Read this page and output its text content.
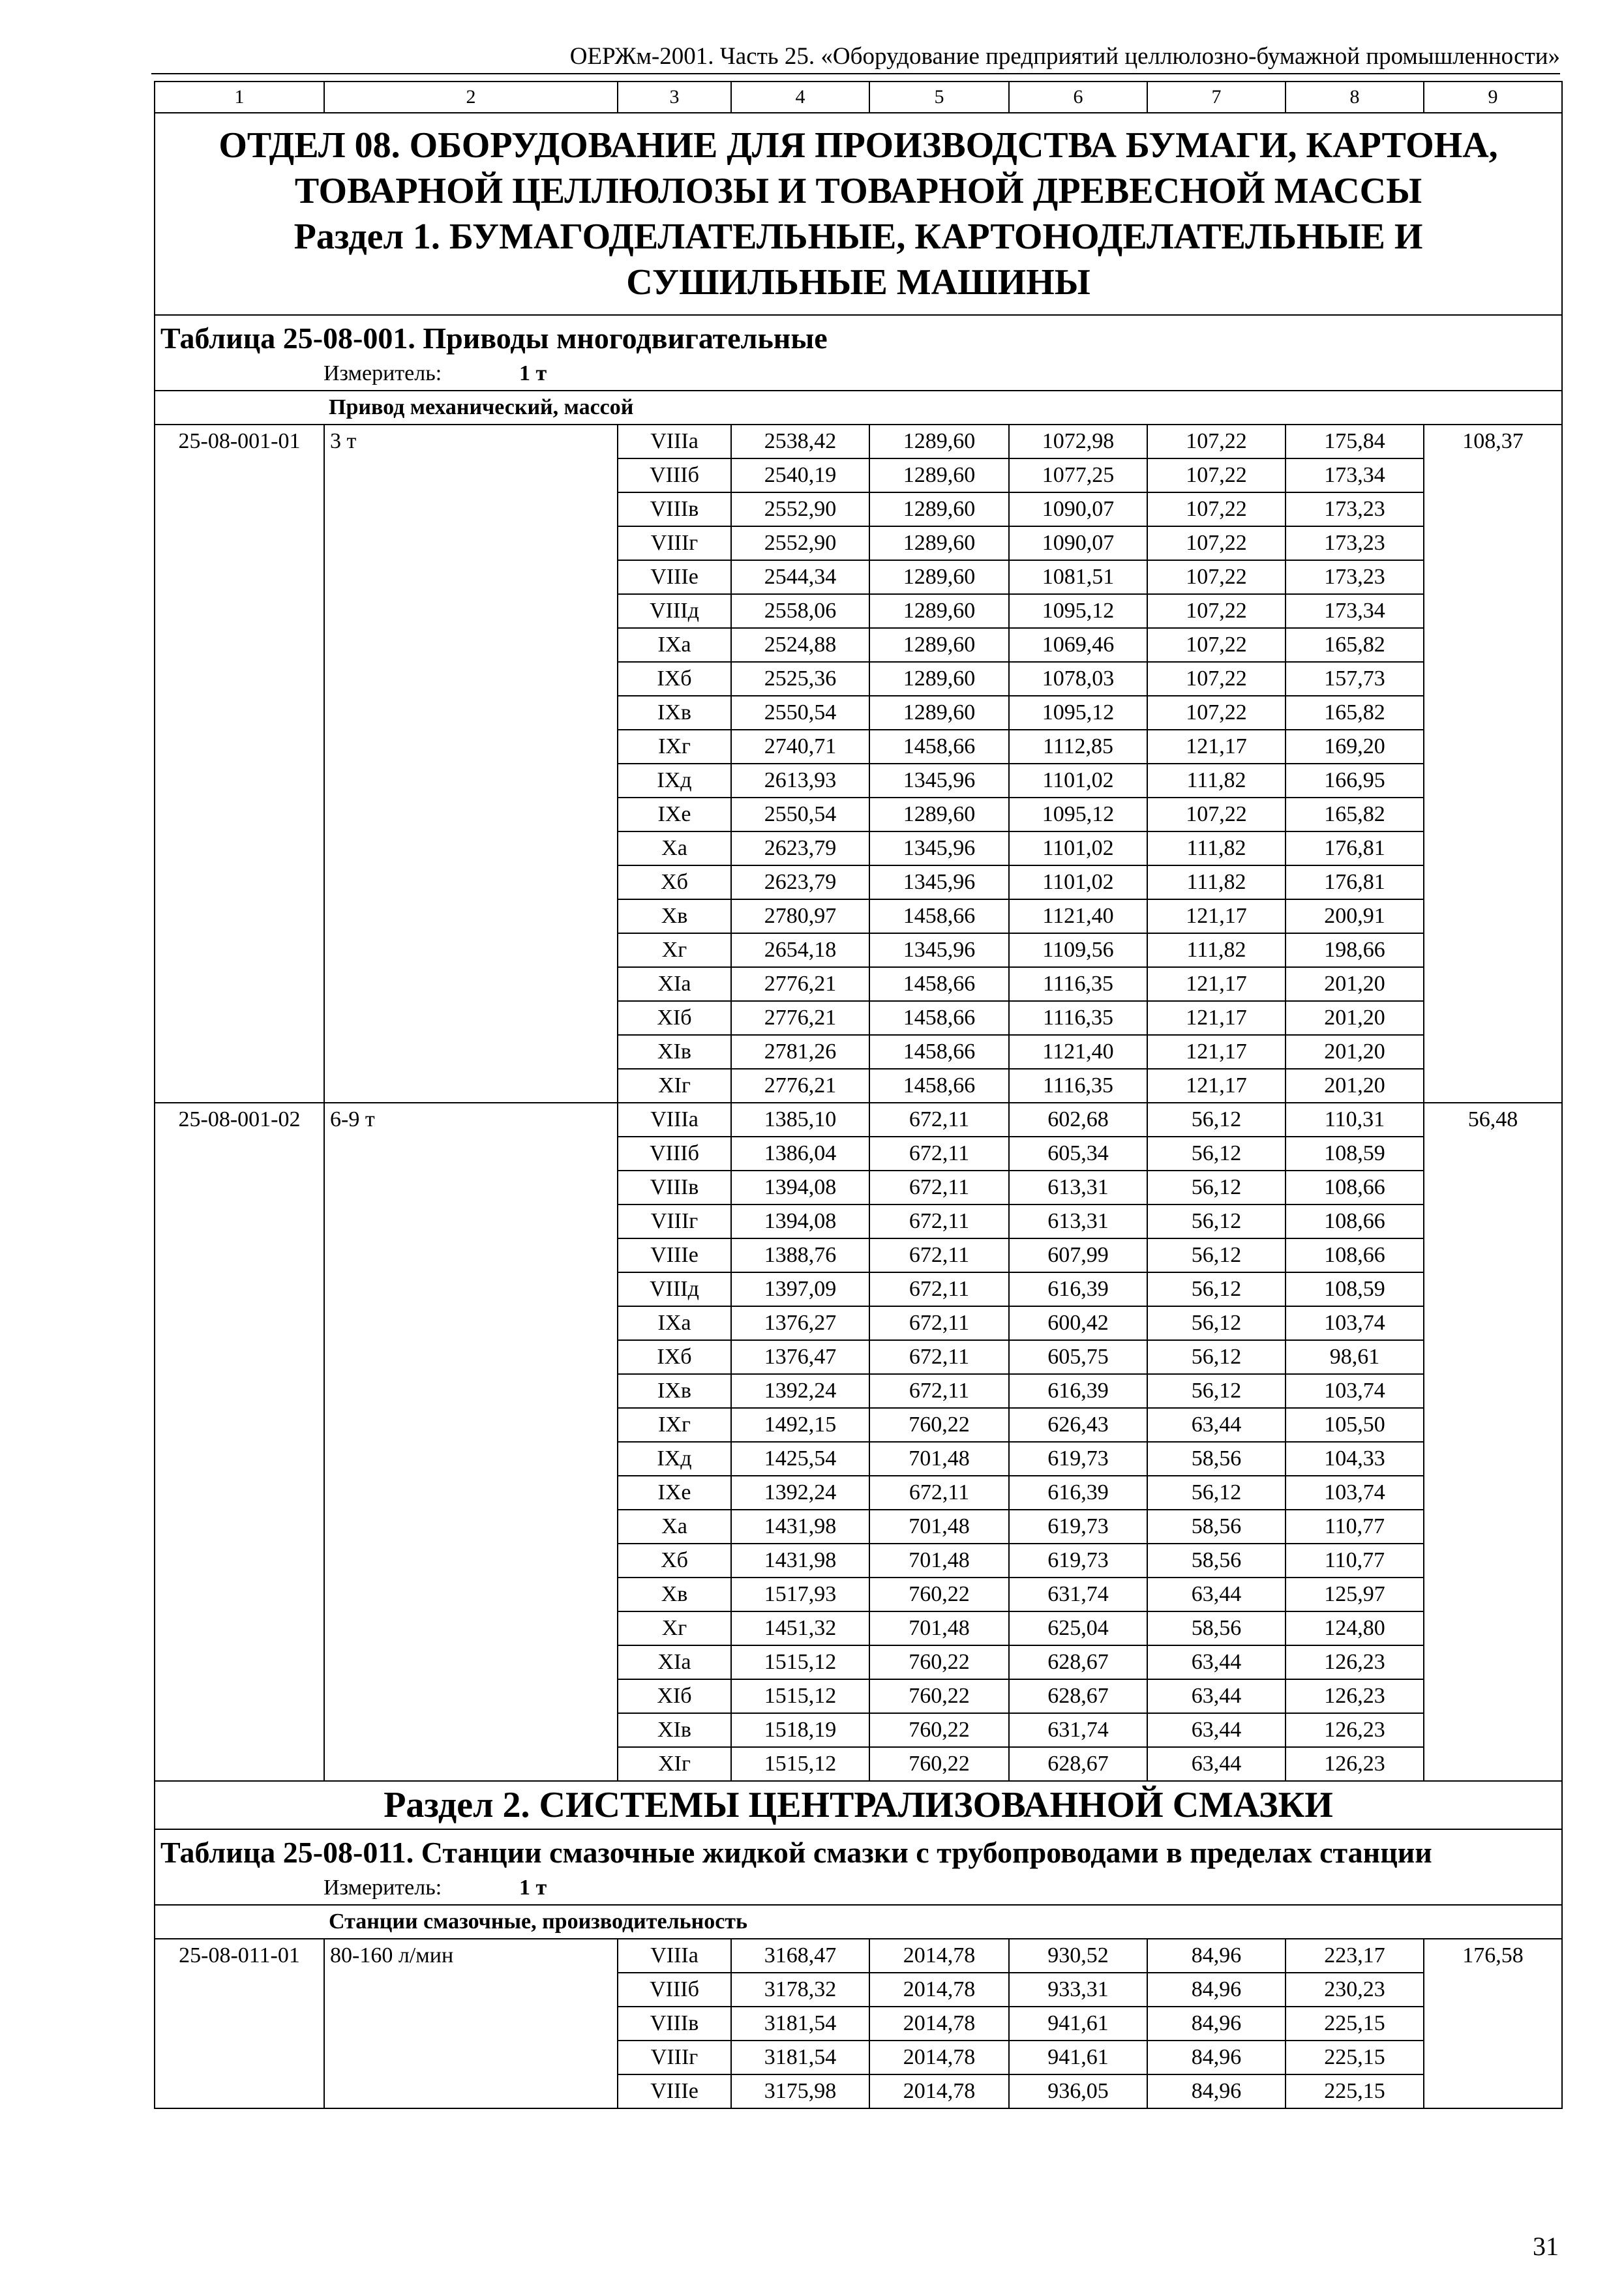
ОЕРЖм-2001. Часть 25. «Оборудование предприятий целлюлозно-бумажной промышленности»
1	2	3	4	5	6	7	8	9

ОТДЕЛ 08. ОБОРУДОВАНИЕ ДЛЯ ПРОИЗВОДСТВА БУМАГИ, КАРТОНА,
ТОВАРНОЙ ЦЕЛЛЮЛОЗЫ И ТОВАРНОЙ ДРЕВЕСНОЙ МАССЫ
Раздел 1. БУМАГОДЕЛАТЕЛЬНЫЕ, КАРТОНОДЕЛАТЕЛЬНЫЕ И
СУШИЛЬНЫЕ МАШИНЫ								

Таблица 25-08-001. Приводы многодвигательные								
Измеритель: 1 т								
Привод механический, массой								
25-08-001-01	3 т	VIIIa	2538,42	1289,60	1072,98	107,22	175,84	108,37
		VIIIб	2540,19	1289,60	1077,25	107,22	173,34	
		VIIIв	2552,90	1289,60	1090,07	107,22	173,23	
		VIIIг	2552,90	1289,60	1090,07	107,22	173,23	
		VIIIe	2544,34	1289,60	1081,51	107,22	173,23	
		VIIIд	2558,06	1289,60	1095,12	107,22	173,34	
		IXa	2524,88	1289,60	1069,46	107,22	165,82	
		IXб	2525,36	1289,60	1078,03	107,22	157,73	
		IXв	2550,54	1289,60	1095,12	107,22	165,82	
		IXг	2740,71	1458,66	1112,85	121,17	169,20	
		IXд	2613,93	1345,96	1101,02	111,82	166,95	
		IXe	2550,54	1289,60	1095,12	107,22	165,82	
		Xa	2623,79	1345,96	1101,02	111,82	176,81	
		Xб	2623,79	1345,96	1101,02	111,82	176,81	
		Xв	2780,97	1458,66	1121,40	121,17	200,91	
		Xг	2654,18	1345,96	1109,56	111,82	198,66	
		XIa	2776,21	1458,66	1116,35	121,17	201,20	
		XIб	2776,21	1458,66	1116,35	121,17	201,20	
		XIв	2781,26	1458,66	1121,40	121,17	201,20	
		XIг	2776,21	1458,66	1116,35	121,17	201,20	
25-08-001-02	6-9 т	VIIIa	1385,10	672,11	602,68	56,12	110,31	56,48
		VIIIб	1386,04	672,11	605,34	56,12	108,59	
		VIIIв	1394,08	672,11	613,31	56,12	108,66	
		VIIIг	1394,08	672,11	613,31	56,12	108,66	
		VIIIe	1388,76	672,11	607,99	56,12	108,66	
		VIIIд	1397,09	672,11	616,39	56,12	108,59	
		IXa	1376,27	672,11	600,42	56,12	103,74	
		IXб	1376,47	672,11	605,75	56,12	98,61	
		IXв	1392,24	672,11	616,39	56,12	103,74	
		IXг	1492,15	760,22	626,43	63,44	105,50	
		IXд	1425,54	701,48	619,73	58,56	104,33	
		IXe	1392,24	672,11	616,39	56,12	103,74	
		Xa	1431,98	701,48	619,73	58,56	110,77	
		Xб	1431,98	701,48	619,73	58,56	110,77	
		Xв	1517,93	760,22	631,74	63,44	125,97	
		Xг	1451,32	701,48	625,04	58,56	124,80	
		XIa	1515,12	760,22	628,67	63,44	126,23	
		XIб	1515,12	760,22	628,67	63,44	126,23	
		XIв	1518,19	760,22	631,74	63,44	126,23	
		XIг	1515,12	760,22	628,67	63,44	126,23	
Раздел 2. СИСТЕМЫ ЦЕНТРАЛИЗОВАННОЙ СМАЗКИ								
Таблица 25-08-011. Станции смазочные жидкой смазки с трубопроводами в пределах станции								
Измеритель: 1 т								
Станции смазочные, производительность								
25-08-011-01	80-160 л/мин	VIIIa	3168,47	2014,78	930,52	84,96	223,17	176,58
		VIIIб	3178,32	2014,78	933,31	84,96	230,23	
		VIIIв	3181,54	2014,78	941,61	84,96	225,15	
		VIIIг	3181,54	2014,78	941,61	84,96	225,15	
		VIIIe	3175,98	2014,78	936,05	84,96	225,15	
31
